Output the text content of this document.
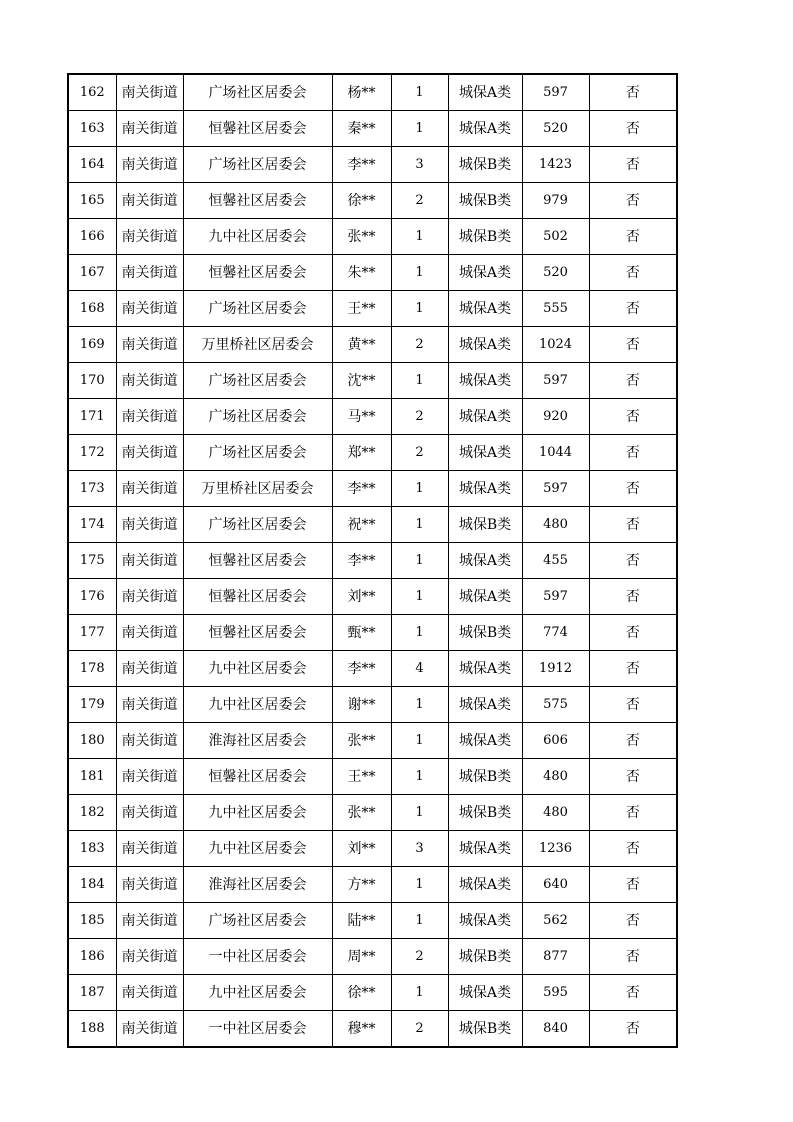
162	南关街道	广场社区居委会	杨**	1	城保A类	597	否
163	南关街道	恒馨社区居委会	秦**	1	城保A类	520	否
164	南关街道	广场社区居委会	李**	3	城保B类	1423	否
165	南关街道	恒馨社区居委会	徐**	2	城保B类	979	否
166	南关街道	九中社区居委会	张**	1	城保B类	502	否
167	南关街道	恒馨社区居委会	朱**	1	城保A类	520	否
168	南关街道	广场社区居委会	王**	1	城保A类	555	否
169	南关街道	万里桥社区居委会	黄**	2	城保A类	1024	否
170	南关街道	广场社区居委会	沈**	1	城保A类	597	否
171	南关街道	广场社区居委会	马**	2	城保A类	920	否
172	南关街道	广场社区居委会	郑**	2	城保A类	1044	否
173	南关街道	万里桥社区居委会	李**	1	城保A类	597	否
174	南关街道	广场社区居委会	祝**	1	城保B类	480	否
175	南关街道	恒馨社区居委会	李**	1	城保A类	455	否
176	南关街道	恒馨社区居委会	刘**	1	城保A类	597	否
177	南关街道	恒馨社区居委会	甄**	1	城保B类	774	否
178	南关街道	九中社区居委会	李**	4	城保A类	1912	否
179	南关街道	九中社区居委会	谢**	1	城保A类	575	否
180	南关街道	淮海社区居委会	张**	1	城保A类	606	否
181	南关街道	恒馨社区居委会	王**	1	城保B类	480	否
182	南关街道	九中社区居委会	张**	1	城保B类	480	否
183	南关街道	九中社区居委会	刘**	3	城保A类	1236	否
184	南关街道	淮海社区居委会	方**	1	城保A类	640	否
185	南关街道	广场社区居委会	陆**	1	城保A类	562	否
186	南关街道	一中社区居委会	周**	2	城保B类	877	否
187	南关街道	九中社区居委会	徐**	1	城保A类	595	否
188	南关街道	一中社区居委会	穆**	2	城保B类	840	否
